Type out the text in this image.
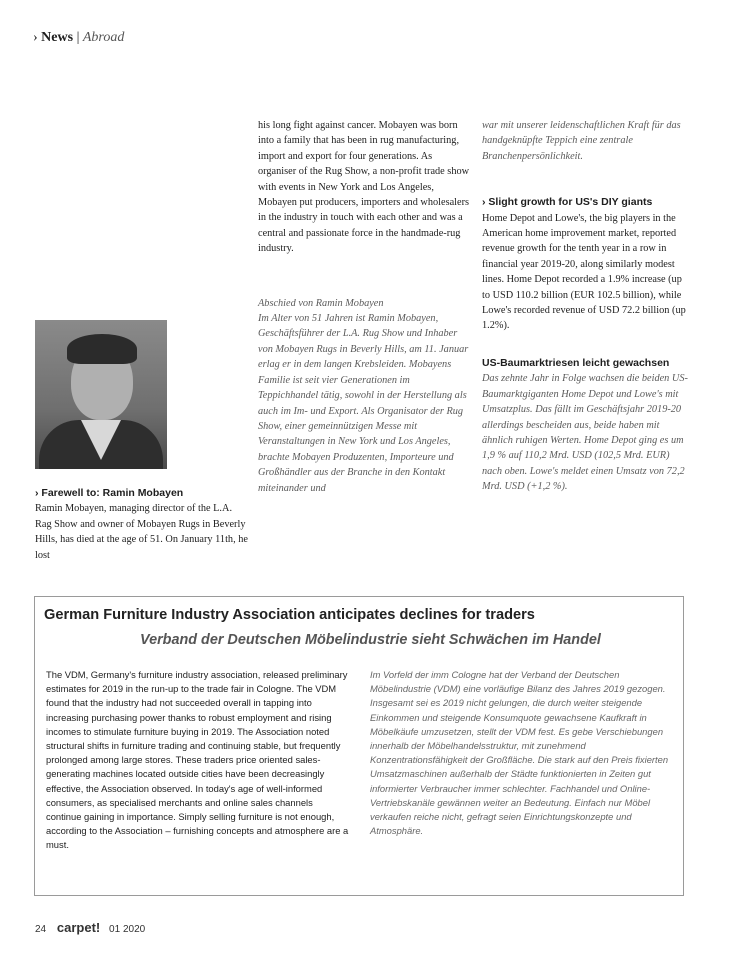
› News | Abroad

› Farewell to: Ramin Mobayen

Ramin Mobayen, managing director of the L.A. Rag Show and owner of Mobayen Rugs in Beverly Hills, has died at the age of 51. On January 11th, he lost

his long fight against cancer. Mobayen was born into a family that has been in rug manufacturing, import and export for four generations. As organiser of the Rug Show, a non-profit trade show with events in New York and Los Angeles, Mobayen put producers, importers and wholesalers in the industry in touch with each other and was a central and passionate force in the handmade-rug industry.

Abschied von Ramin Mobayen

Im Alter von 51 Jahren ist Ramin Mobayen, Geschäftsführer der L.A. Rug Show und Inhaber von Mobayen Rugs in Beverly Hills, am 11. Januar erlag er in dem langen Krebsleiden. Mobayens Familie ist seit vier Generationen im Teppichhandel tätig, sowohl in der Herstellung als auch im Im- und Export. Als Organisator der Rug Show, einer gemeinnützigen Messe mit Veranstaltungen in New York und Los Angeles, brachte Mobayen Produzenten, Importeure und Großhändler aus der Branche in den Kontakt miteinander und

war mit unserer leidenschaftlichen Kraft für das handgeknüpfte Teppich eine zentrale Branchenpersönlichkeit.

› Slight growth for US's DIY giants

Home Depot and Lowe's, the big players in the American home improvement market, reported revenue growth for the tenth year in a row in financial year 2019-20, along similarly modest lines. Home Depot recorded a 1.9% increase (up to USD 110.2 billion (EUR 102.5 billion), while Lowe's recorded revenue of USD 72.2 billion (up 1.2%).

US-Baumarktriesen leicht gewachsen

Das zehnte Jahr in Folge wachsen die beiden US-Baumarktgiganten Home Depot und Lowe's mit Umsatzplus. Das fällt im Geschäftsjahr 2019-20 allerdings bescheiden aus, beide haben mit ähnlich ruhigen Werten. Home Depot ging es um 1,9 % auf 110,2 Mrd. USD (102,5 Mrd. EUR) nach oben. Lowe's meldet einen Umsatz von 72,2 Mrd. USD (+1,2 %).

German Furniture Industry Association anticipates declines for traders
Verband der Deutschen Möbelindustrie sieht Schwächen im Handel
The VDM, Germany's furniture industry association, released preliminary estimates for 2019 in the run-up to the trade fair in Cologne. The VDM found that the industry had not succeeded overall in tapping into increasing purchasing power thanks to robust employment and rising incomes to stimulate furniture buying in 2019. The Association noted structural shifts in furniture trading and continuing stable, but frequently prolonged among large stores. These traders price oriented sales-generating machines located outside cities have been decreasingly effective, the Association observed. In today's age of well-informed consumers, as specialised merchants and online sales channels continue gaining in importance. Simply selling furniture is not enough, according to the Association – furnishing concepts and atmosphere are a must.
Im Vorfeld der imm Cologne hat der Verband der Deutschen Möbelindustrie (VDM) eine vorläufige Bilanz des Jahres 2019 gezogen. Insgesamt sei es 2019 nicht gelungen, die durch weiter steigende Einkommen und steigende Konsumquote gewachsene Kaufkraft in Möbelkäufe umzusetzen, stellt der VDM fest. Es gebe Verschiebungen innerhalb der Möbelhandelsstruktur, mit zunehmend Konzentrationsfähigkeit der Großfläche. Die stark auf den Preis fixierten Umsatzmaschinen außerhalb der Städte funktionierten in Zeiten gut informierter Verbraucher immer schlechter. Fachhandel und Online-Vertriebskanäle gewännen weiter an Bedeutung. Einfach nur Möbel verkaufen reiche nicht, gefragt seien Einrichtungskonzepte und Atmosphäre.
24 carpet! 01 2020
